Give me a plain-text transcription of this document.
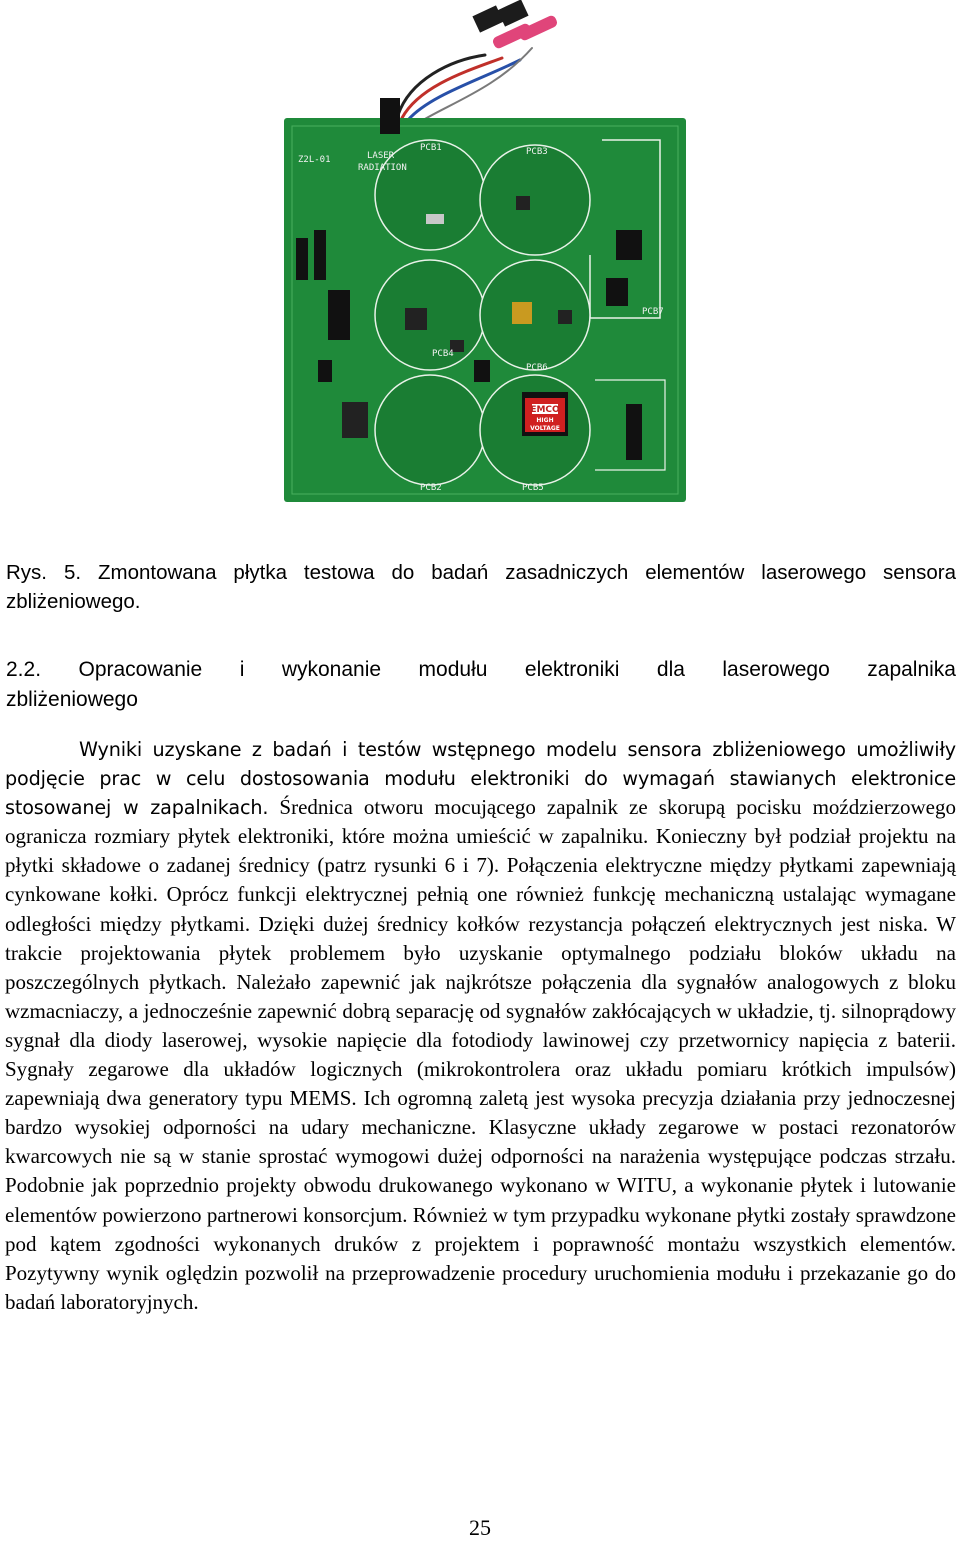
Z2L-01	LASER
RADIATION
PCB1
PCB2
PCB3
PCB4
PCB5
PCB6
PCB7
EMCO
HIGH
VOLTAGE
Rys. 5. Zmontowana płytka testowa do badań zasadniczych elementów laserowego sensora
zbliżeniowego.
2.2. Opracowanie i wykonanie modułu elektroniki dla laserowego zapalnika
zbliżeniowego
Wyniki uzyskane z badań i testów wstępnego modelu sensora zbliżeniowego umożliwiły podjęcie prac w celu dostosowania modułu elektroniki do wymagań stawianych elektronice stosowanej w zapalnikach. Średnica otworu mocującego zapalnik ze skorupą pocisku moździerzowego ogranicza rozmiary płytek elektroniki, które można umieścić w zapalniku. Konieczny był podział projektu na płytki składowe o zadanej średnicy (patrz rysunki 6 i 7). Połączenia elektryczne między płytkami zapewniają cynkowane kołki. Oprócz funkcji elektrycznej pełnią one również funkcję mechaniczną ustalając wymagane odległości między płytkami. Dzięki dużej średnicy kołków rezystancja połączeń elektrycznych jest niska. W trakcie projektowania płytek problemem było uzyskanie optymalnego podziału bloków układu na poszczególnych płytkach. Należało zapewnić jak najkrótsze połączenia dla sygnałów analogowych z bloku wzmacniaczy, a jednocześnie zapewnić dobrą separację od sygnałów zakłócających w układzie, tj. silnoprądowy sygnał dla diody laserowej, wysokie napięcie dla fotodiody lawinowej czy przetwornicy napięcia z baterii. Sygnały zegarowe dla układów logicznych (mikrokontrolera oraz układu pomiaru krótkich impulsów) zapewniają dwa generatory typu MEMS. Ich ogromną zaletą jest wysoka precyzja działania przy jednoczesnej bardzo wysokiej odporności na udary mechaniczne. Klasyczne układy zegarowe w postaci rezonatorów kwarcowych nie są w stanie sprostać wymogowi dużej odporności na narażenia występujące podczas strzału. Podobnie jak poprzednio projekty obwodu drukowanego wykonano w WITU, a wykonanie płytek i lutowanie elementów powierzono partnerowi konsorcjum. Również w tym przypadku wykonane płytki zostały sprawdzone pod kątem zgodności wykonanych druków z projektem i poprawność montażu wszystkich elementów. Pozytywny wynik oględzin pozwolił na przeprowadzenie procedury uruchomienia modułu i przekazanie go do badań laboratoryjnych.
25
